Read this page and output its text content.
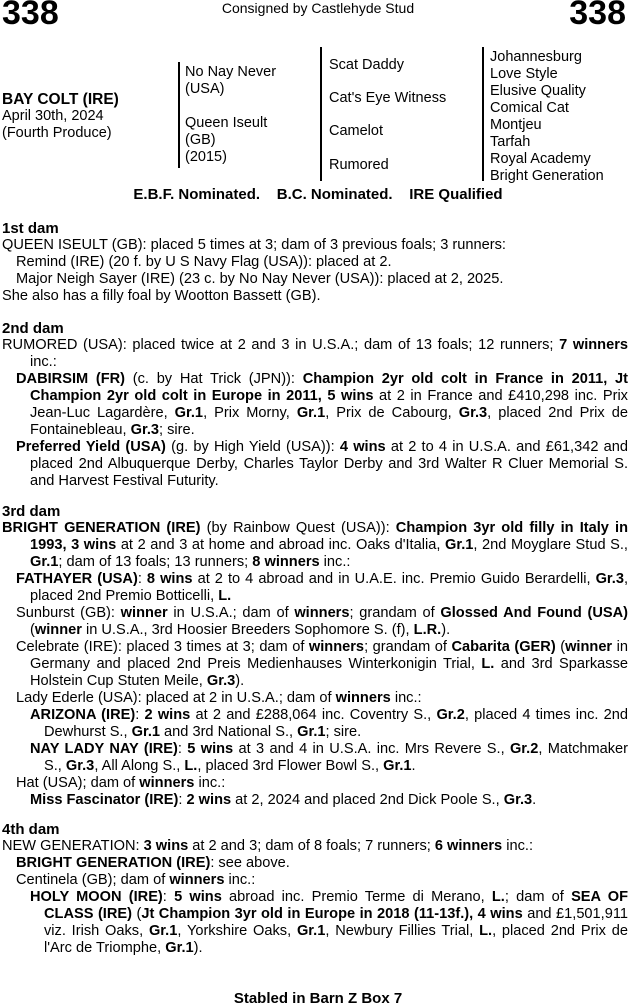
338	Consigned by Castlehyde Stud	338
BAY COLT (IRE)
April 30th, 2024
(Fourth Produce)
No Nay Never
(USA)
Queen Iseult
(GB)
(2015)
Scat Daddy
Cat's Eye Witness
Camelot
Rumored
Johannesburg
Love Style
Elusive Quality
Comical Cat
Montjeu
Tarfah
Royal Academy
Bright Generation
E.B.F. Nominated.    B.C. Nominated.    IRE Qualified
1st dam

QUEEN ISEULT (GB): placed 5 times at 3; dam of 3 previous foals; 3 runners:

Remind (IRE) (20 f. by U S Navy Flag (USA)): placed at 2.

Major Neigh Sayer (IRE) (23 c. by No Nay Never (USA)): placed at 2, 2025.

She also has a filly foal by Wootton Bassett (GB).

2nd dam

RUMORED (USA): placed twice at 2 and 3 in U.S.A.; dam of 13 foals; 12 runners; 7 winners inc.:

DABIRSIM (FR) (c. by Hat Trick (JPN)): Champion 2yr old colt in France in 2011, Jt Champion 2yr old colt in Europe in 2011, 5 wins at 2 in France and £410,298 inc. Prix Jean-Luc Lagardère, Gr.1, Prix Morny, Gr.1, Prix de Cabourg, Gr.3, placed 2nd Prix de Fontainebleau, Gr.3; sire.

Preferred Yield (USA) (g. by High Yield (USA)): 4 wins at 2 to 4 in U.S.A. and £61,342 and placed 2nd Albuquerque Derby, Charles Taylor Derby and 3rd Walter R Cluer Memorial S. and Harvest Festival Futurity.

3rd dam

BRIGHT GENERATION (IRE) (by Rainbow Quest (USA)): Champion 3yr old filly in Italy in 1993, 3 wins at 2 and 3 at home and abroad inc. Oaks d'Italia, Gr.1, 2nd Moyglare Stud S., Gr.1; dam of 13 foals; 13 runners; 8 winners inc.:

FATHAYER (USA): 8 wins at 2 to 4 abroad and in U.A.E. inc. Premio Guido Berardelli, Gr.3, placed 2nd Premio Botticelli, L.

Sunburst (GB): winner in U.S.A.; dam of winners; grandam of Glossed And Found (USA) (winner in U.S.A., 3rd Hoosier Breeders Sophomore S. (f), L.R.).

Celebrate (IRE): placed 3 times at 3; dam of winners; grandam of Cabarita (GER) (winner in Germany and placed 2nd Preis Medienhauses Winterkonigin Trial, L. and 3rd Sparkasse Holstein Cup Stuten Meile, Gr.3).

Lady Ederle (USA): placed at 2 in U.S.A.; dam of winners inc.:

ARIZONA (IRE): 2 wins at 2 and £288,064 inc. Coventry S., Gr.2, placed 4 times inc. 2nd Dewhurst S., Gr.1 and 3rd National S., Gr.1; sire.

NAY LADY NAY (IRE): 5 wins at 3 and 4 in U.S.A. inc. Mrs Revere S., Gr.2, Matchmaker S., Gr.3, All Along S., L., placed 3rd Flower Bowl S., Gr.1.

Hat (USA); dam of winners inc.:

Miss Fascinator (IRE): 2 wins at 2, 2024 and placed 2nd Dick Poole S., Gr.3.

4th dam

NEW GENERATION: 3 wins at 2 and 3; dam of 8 foals; 7 runners; 6 winners inc.:

BRIGHT GENERATION (IRE): see above.

Centinela (GB); dam of winners inc.:

HOLY MOON (IRE): 5 wins abroad inc. Premio Terme di Merano, L.; dam of SEA OF CLASS (IRE) (Jt Champion 3yr old in Europe in 2018 (11-13f.), 4 wins and £1,501,911 viz. Irish Oaks, Gr.1, Yorkshire Oaks, Gr.1, Newbury Fillies Trial, L., placed 2nd Prix de l'Arc de Triomphe, Gr.1).

Stabled in Barn Z Box 7
